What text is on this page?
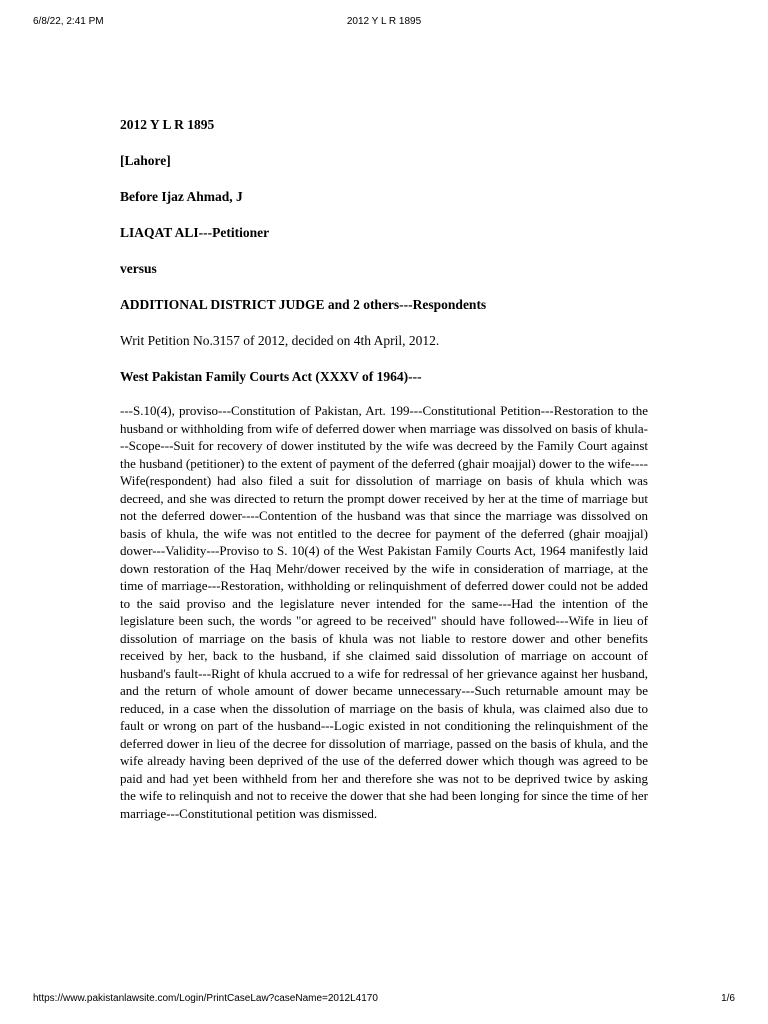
6/8/22, 2:41 PM	2012 Y L R 1895

2012 Y L R 1895

[Lahore]

Before Ijaz Ahmad, J

LIAQAT ALI---Petitioner

versus

ADDITIONAL DISTRICT JUDGE and 2 others---Respondents

Writ Petition No.3157 of 2012, decided on 4th April, 2012.

West Pakistan Family Courts Act (XXXV of 1964)---

---S.10(4), proviso---Constitution of Pakistan, Art. 199---Constitutional Petition---Restoration to the husband or withholding from wife of deferred dower when marriage was dissolved on basis of khula---Scope---Suit for recovery of dower instituted by the wife was decreed by the Family Court against the husband (petitioner) to the extent of payment of the deferred (ghair moajjal) dower to the wife----Wife(respondent) had also filed a suit for dissolution of marriage on basis of khula which was decreed, and she was directed to return the prompt dower received by her at the time of marriage but not the deferred dower----Contention of the husband was that since the marriage was dissolved on basis of khula, the wife was not entitled to the decree for payment of the deferred (ghair moajjal) dower---Validity---Proviso to S. 10(4) of the West Pakistan Family Courts Act, 1964 manifestly laid down restoration of the Haq Mehr/dower received by the wife in consideration of marriage, at the time of marriage---Restoration, withholding or relinquishment of deferred dower could not be added to the said proviso and the legislature never intended for the same---Had the intention of the legislature been such, the words "or agreed to be received" should have followed---Wife in lieu of dissolution of marriage on the basis of khula was not liable to restore dower and other benefits received by her, back to the husband, if she claimed said dissolution of marriage on account of husband's fault---Right of khula accrued to a wife for redressal of her grievance against her husband, and the return of whole amount of dower became unnecessary---Such returnable amount may be reduced, in a case when the dissolution of marriage on the basis of khula, was claimed also due to fault or wrong on part of the husband---Logic existed in not conditioning the relinquishment of the deferred dower in lieu of the decree for dissolution of marriage, passed on the basis of khula, and the wife already having been deprived of the use of the deferred dower which though was agreed to be paid and had yet been withheld from her and therefore she was not to be deprived twice by asking the wife to relinquish and not to receive the dower that she had been longing for since the time of her marriage---Constitutional petition was dismissed.

https://www.pakistanlawsite.com/Login/PrintCaseLaw?caseName=2012L4170	1/6
